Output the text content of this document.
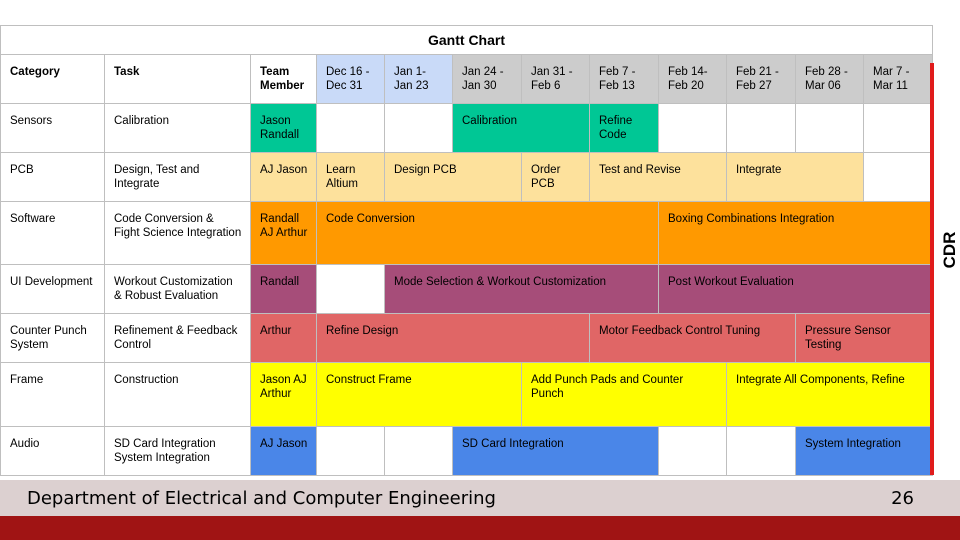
Gantt Chart											
Category	Task	Team Member	Dec 16 - Dec 31	Jan 1- Jan 23	Jan 24 - Jan 30	Jan 31 - Feb 6	Feb 7 - Feb 13	Feb 14- Feb 20	Feb 21 - Feb 27	Feb 28 - Mar 06	Mar 7 - Mar 11
Sensors	Calibration	Jason Randall			Calibration		Refine Code				
PCB	Design, Test and Integrate	AJ Jason	Learn Altium	Design PCB		Order PCB	Test and Revise		Integrate		
Software	Code Conversion & Fight Science Integration	Randall AJ Arthur	Code Conversion					Boxing Combinations Integration			
UI Development	Workout Customization & Robust Evaluation	Randall		Mode Selection & Workout Customization				Post Workout Evaluation			
Counter Punch System	Refinement & Feedback Control	Arthur	Refine Design				Motor Feedback Control Tuning			Pressure Sensor Testing	
Frame	Construction	Jason AJ Arthur	Construct Frame			Add Punch Pads and Counter Punch			Integrate All Components, Refine		
Audio	SD Card Integration System Integration	AJ Jason			SD Card Integration					System Integration	
CDR
Department of Electrical and Computer Engineering	26
